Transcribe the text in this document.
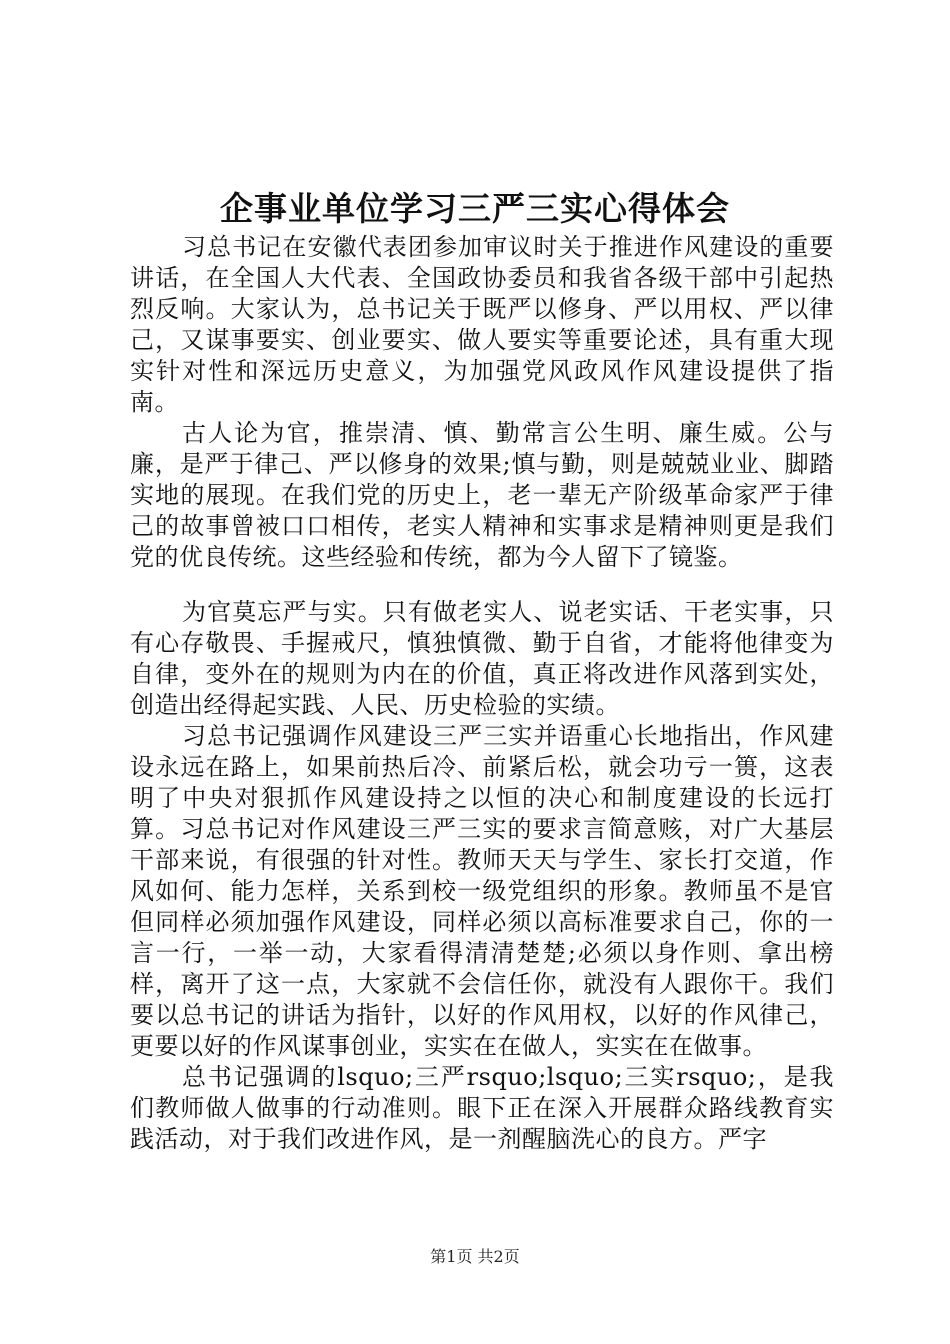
企事业单位学习三严三实心得体会

习总书记在安徽代表团参加审议时关于推进作风建设的重要讲话，在全国人大代表、全国政协委员和我省各级干部中引起热烈反响。大家认为，总书记关于既严以修身、严以用权、严以律己，又谋事要实、创业要实、做人要实等重要论述，具有重大现实针对性和深远历史意义，为加强党风政风作风建设提供了指南。

古人论为官，推崇清、慎、勤常言公生明、廉生威。公与廉，是严于律己、严以修身的效果;慎与勤，则是兢兢业业、脚踏实地的展现。在我们党的历史上，老一辈无产阶级革命家严于律己的故事曾被口口相传，老实人精神和实事求是精神则更是我们党的优良传统。这些经验和传统，都为今人留下了镜鉴。

为官莫忘严与实。只有做老实人、说老实话、干老实事，只有心存敬畏、手握戒尺，慎独慎微、勤于自省，才能将他律变为自律，变外在的规则为内在的价值，真正将改进作风落到实处，创造出经得起实践、人民、历史检验的实绩。

习总书记强调作风建设三严三实并语重心长地指出，作风建设永远在路上，如果前热后冷、前紧后松，就会功亏一篑，这表明了中央对狠抓作风建设持之以恒的决心和制度建设的长远打算。习总书记对作风建设三严三实的要求言简意赅，对广大基层干部来说，有很强的针对性。教师天天与学生、家长打交道，作风如何、能力怎样，关系到校一级党组织的形象。教师虽不是官但同样必须加强作风建设，同样必须以高标准要求自己，你的一言一行，一举一动，大家看得清清楚楚;必须以身作则、拿出榜样，离开了这一点，大家就不会信任你，就没有人跟你干。我们要以总书记的讲话为指针，以好的作风用权，以好的作风律己，更要以好的作风谋事创业，实实在在做人，实实在在做事。

总书记强调的lsquo;三严rsquo;lsquo;三实rsquo;，是我们教师做人做事的行动准则。眼下正在深入开展群众路线教育实践活动，对于我们改进作风，是一剂醒脑洗心的良方。严字

第1页 共2页
